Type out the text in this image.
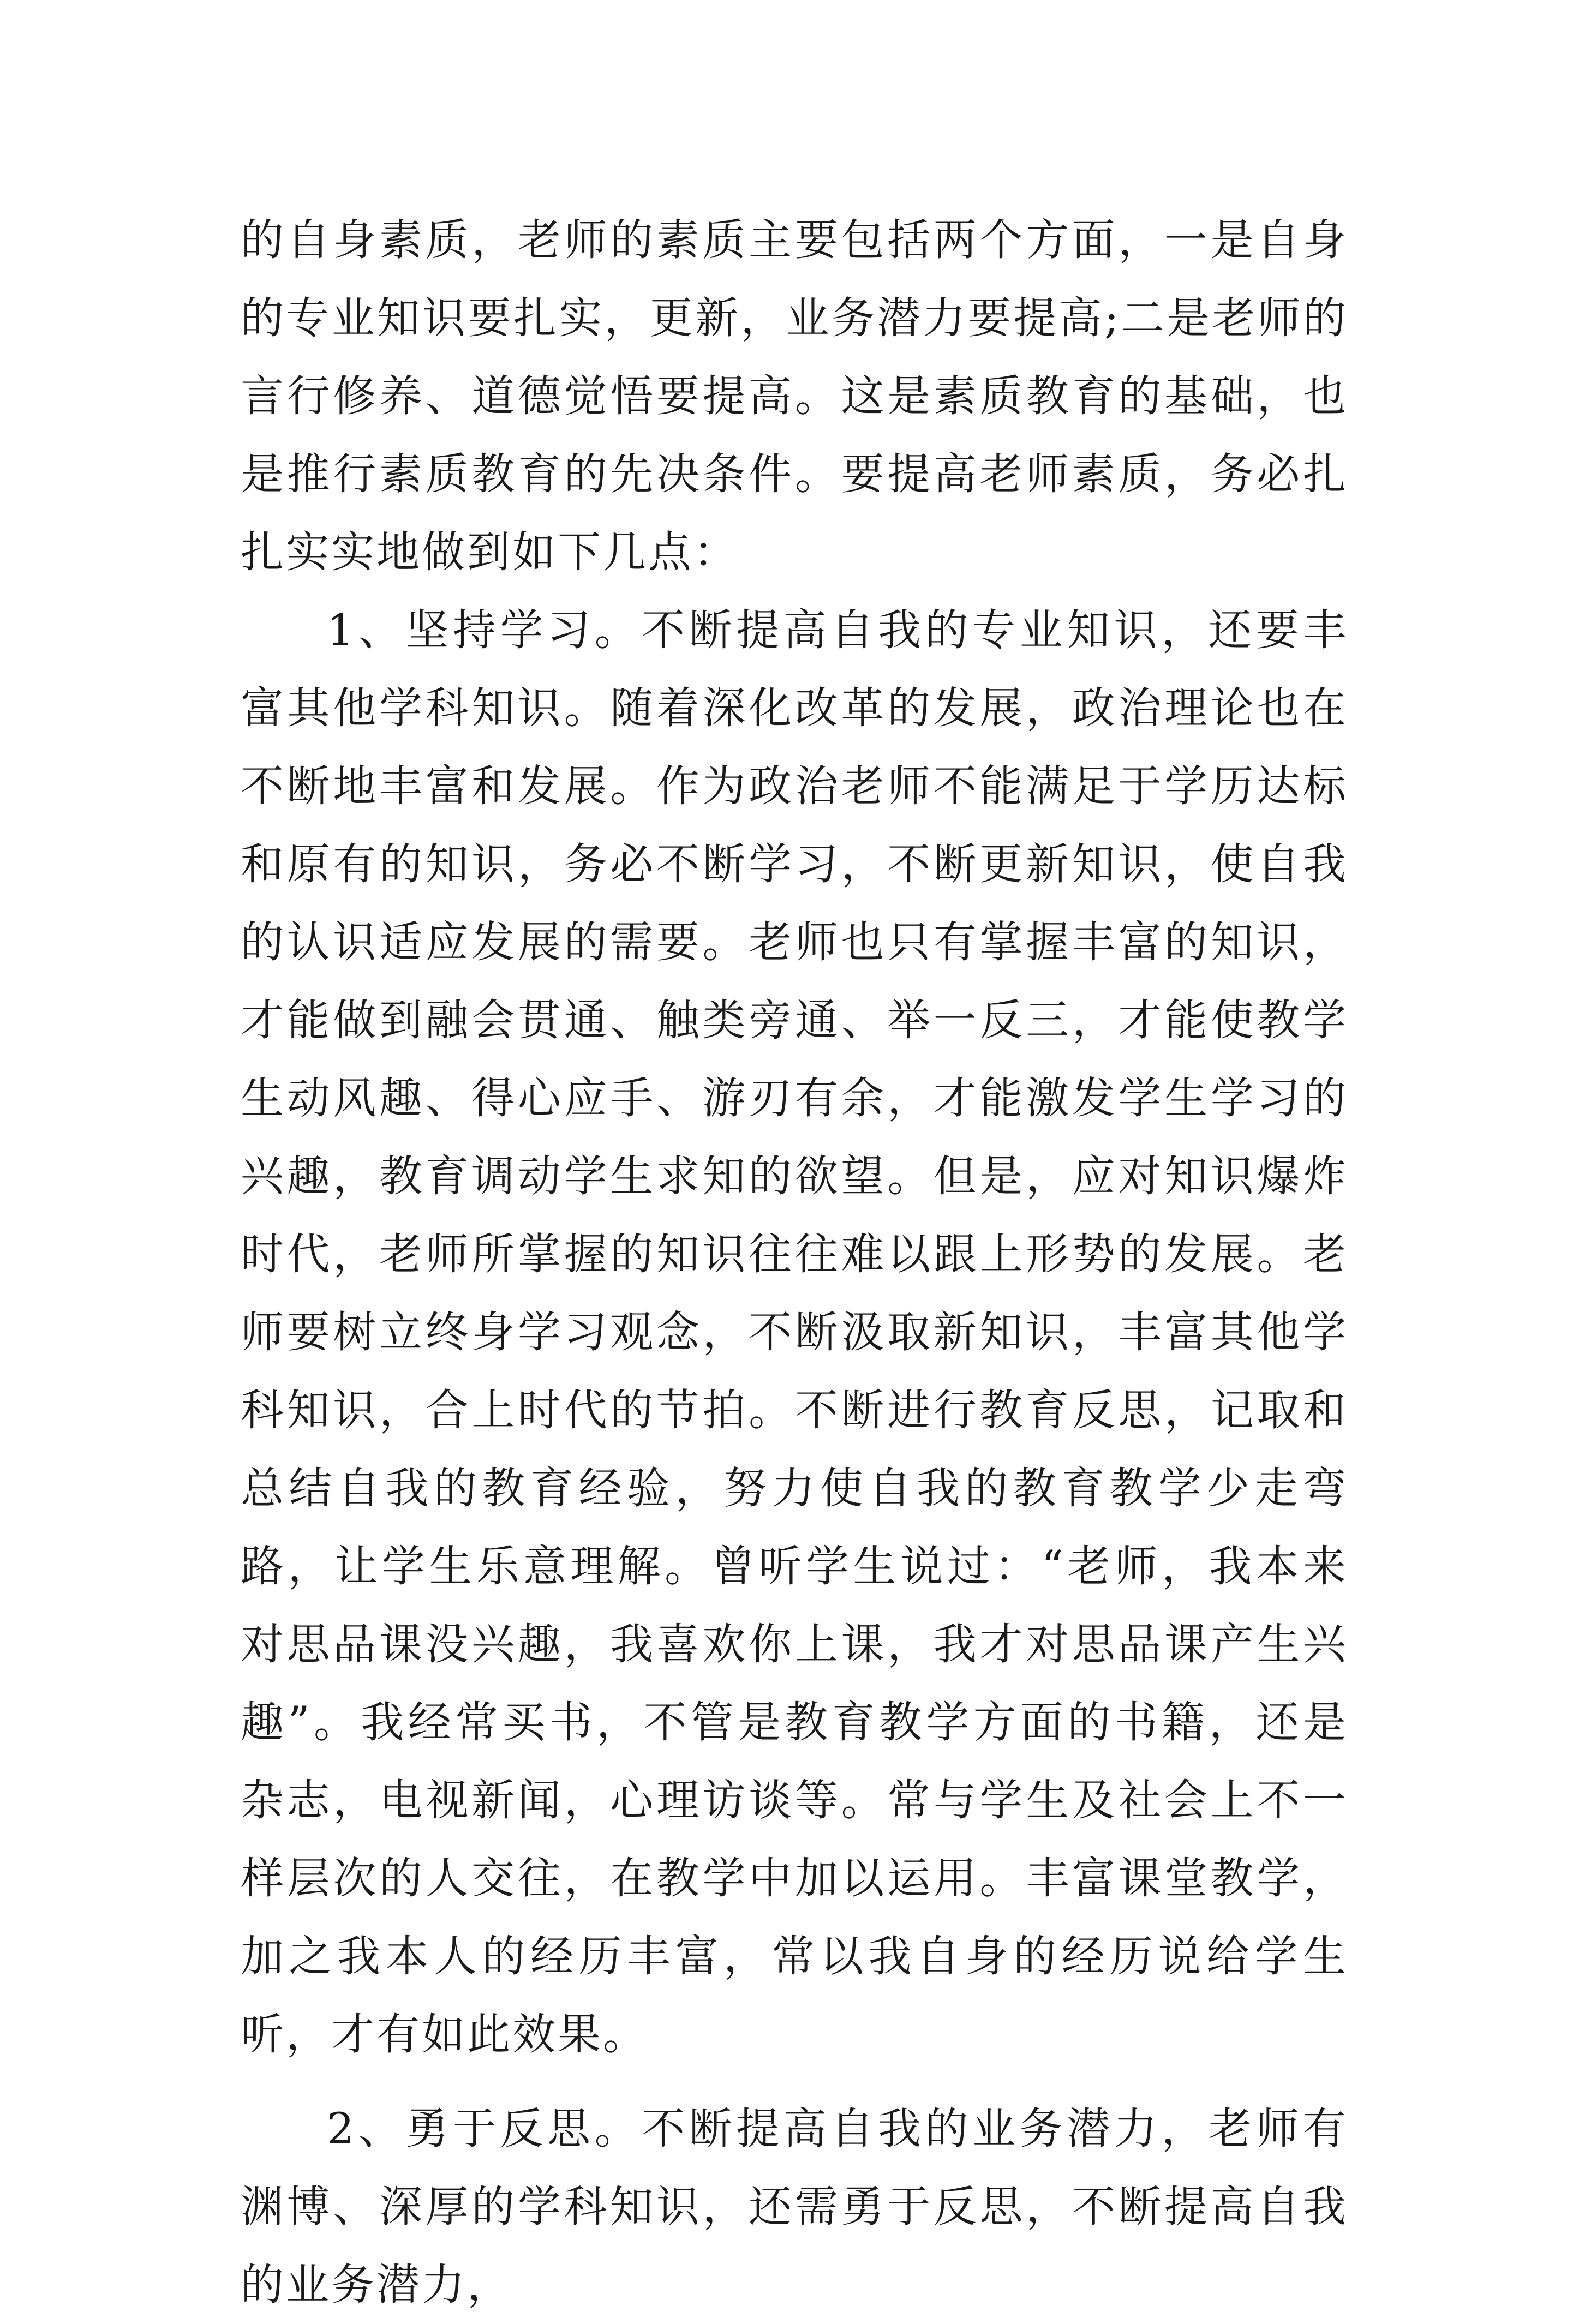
的自身素质，老师的素质主要包括两个方面，一是自身的专业知识要扎实，更新，业务潜力要提高;二是老师的言行修养、道德觉悟要提高。这是素质教育的基础，也是推行素质教育的先决条件。要提高老师素质，务必扎扎实实地做到如下几点：

1、坚持学习。不断提高自我的专业知识，还要丰富其他学科知识。随着深化改革的发展，政治理论也在不断地丰富和发展。作为政治老师不能满足于学历达标和原有的知识，务必不断学习，不断更新知识，使自我的认识适应发展的需要。老师也只有掌握丰富的知识，才能做到融会贯通、触类旁通、举一反三，才能使教学生动风趣、得心应手、游刃有余，才能激发学生学习的兴趣，教育调动学生求知的欲望。但是，应对知识爆炸时代，老师所掌握的知识往往难以跟上形势的发展。老师要树立终身学习观念，不断汲取新知识，丰富其他学科知识，合上时代的节拍。不断进行教育反思，记取和总结自我的教育经验，努力使自我的教育教学少走弯路，让学生乐意理解。曾听学生说过：“老师，我本来对思品课没兴趣，我喜欢你上课，我才对思品课产生兴趣”。我经常买书，不管是教育教学方面的书籍，还是杂志，电视新闻，心理访谈等。常与学生及社会上不一样层次的人交往，在教学中加以运用。丰富课堂教学，加之我本人的经历丰富，常以我自身的经历说给学生听，才有如此效果。

2、勇于反思。不断提高自我的业务潜力，老师有渊博、深厚的学科知识，还需勇于反思，不断提高自我的业务潜力，
